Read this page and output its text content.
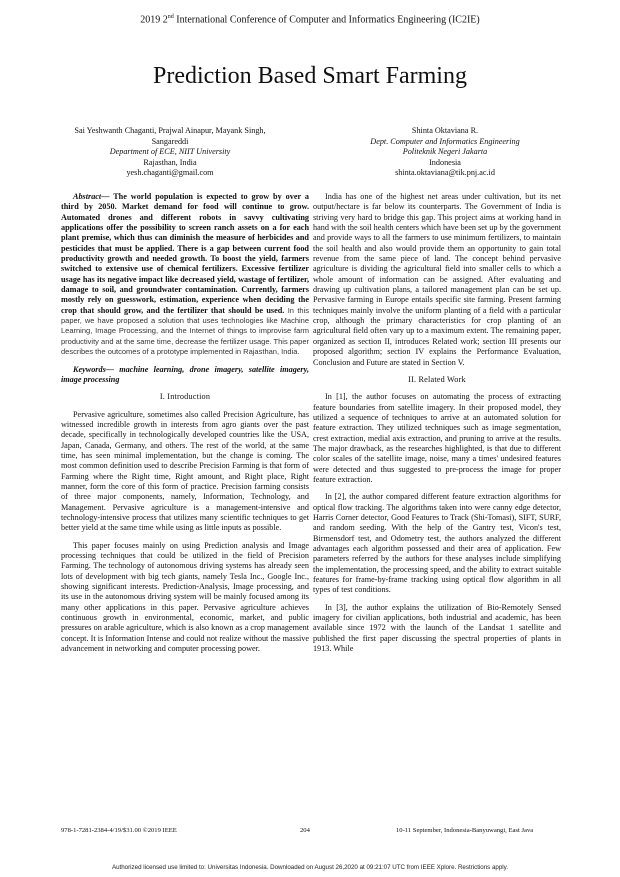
2019 2nd International Conference of Computer and Informatics Engineering (IC2IE)
Prediction Based Smart Farming
Sai Yeshwanth Chaganti, Prajwal Ainapur, Mayank Singh,
Sangareddi
Department of ECE, NIIT University
Rajasthan, India
yesh.chaganti@gmail.com
Shinta Oktaviana R.
Dept. Computer and Informatics Engineering
Politeknik Negeri Jakarta
Indonesia
shinta.oktaviana@tik.pnj.ac.id

Abstract— The world population is expected to grow by over a third by 2050. Market demand for food will continue to grow. Automated drones and different robots in savvy cultivating applications offer the possibility to screen ranch assets on a for each plant premise, which thus can diminish the measure of herbicides and pesticides that must be applied. There is a gap between current food productivity growth and needed growth. To boost the yield, farmers switched to extensive use of chemical fertilizers. Excessive fertilizer usage has its negative impact like decreased yield, wastage of fertilizer, damage to soil, and groundwater contamination. Currently, farmers mostly rely on guesswork, estimation, experience when deciding the crop that should grow, and the fertilizer that should be used. In this paper, we have proposed a solution that uses technologies like Machine Learning, Image Processing, and the Internet of things to improvise farm productivity and at the same time, decrease the fertilizer usage. This paper describes the outcomes of a prototype implemented in Rajasthan, India.

Keywords— machine learning, drone imagery, satellite imagery, image processing

I. Introduction

Pervasive agriculture, sometimes also called Precision Agriculture, has witnessed incredible growth in interests from agro giants over the past decade, specifically in technologically developed countries like the USA, Japan, Canada, Germany, and others. The rest of the world, at the same time, has seen minimal implementation, but the change is coming. The most common definition used to describe Precision Farming is that form of Farming where the Right time, Right amount, and Right place, Right manner, form the core of this form of practice. Precision farming consists of three major components, namely, Information, Technology, and Management. Pervasive agriculture is a management-intensive and technology-intensive process that utilizes many scientific techniques to get better yield at the same time while using as little inputs as possible.

This paper focuses mainly on using Prediction analysis and Image processing techniques that could be utilized in the field of Precision Farming. The technology of autonomous driving systems has already seen lots of development with big tech giants, namely Tesla Inc., Google Inc., showing significant interests. Prediction-Analysis, Image processing, and its use in the autonomous driving system will be mainly focused among its many other applications in this paper. Pervasive agriculture achieves continuous growth in environmental, economic, market, and public pressures on arable agriculture, which is also known as a crop management concept. It is Information Intense and could not realize without the massive advancement in networking and computer processing power.

India has one of the highest net areas under cultivation, but its net output/hectare is far below its counterparts. The Government of India is striving very hard to bridge this gap. This project aims at working hand in hand with the soil health centers which have been set up by the government and provide ways to all the farmers to use minimum fertilizers, to maintain the soil health and also would provide them an opportunity to gain total revenue from the same piece of land. The concept behind pervasive agriculture is dividing the agricultural field into smaller cells to which a whole amount of information can be assigned. After evaluating and drawing up cultivation plans, a tailored management plan can be set up. Pervasive farming in Europe entails specific site farming. Present farming techniques mainly involve the uniform planting of a field with a particular crop, although the primary characteristics for crop planting of an agricultural field often vary up to a maximum extent. The remaining paper, organized as section II, introduces Related work; section III presents our proposed algorithm; section IV explains the Performance Evaluation, Conclusion and Future are stated in Section V.

II. Related Work

In [1], the author focuses on automating the process of extracting feature boundaries from satellite imagery. In their proposed model, they utilized a sequence of techniques to arrive at an automated solution for feature extraction. They utilized techniques such as image segmentation, crest extraction, medial axis extraction, and pruning to arrive at the results. The major drawback, as the researches highlighted, is that due to different color scales of the satellite image, noise, many a times' undesired features were detected and thus suggested to pre-process the image for proper feature extraction.

In [2], the author compared different feature extraction algorithms for optical flow tracking. The algorithms taken into were canny edge detector, Harris Corner detector, Good Features to Track (Shi-Tomasi), SIFT, SURF, and random seeding. With the help of the Gantry test, Vicon's test, Birmensdorf test, and Odometry test, the authors analyzed the different advantages each algorithm possessed and their area of application. Few parameters referred by the authors for these analyses include simplifying the implementation, the processing speed, and the ability to extract suitable features for frame-by-frame tracking using optical flow algorithm in all types of test conditions.

In [3], the author explains the utilization of Bio-Remotely Sensed imagery for civilian applications, both industrial and academic, has been available since 1972 with the launch of the Landsat 1 satellite and published the first paper discussing the spectral properties of plants in 1913. While

978-1-7281-2384-4/19/$31.00 ©2019 IEEE	204	10-11 September, Indonesia-Banyuwangi, East Java
Authorized licensed use limited to: Universitas Indonesia. Downloaded on August 26,2020 at 09:21:07 UTC from IEEE Xplore. Restrictions apply.
